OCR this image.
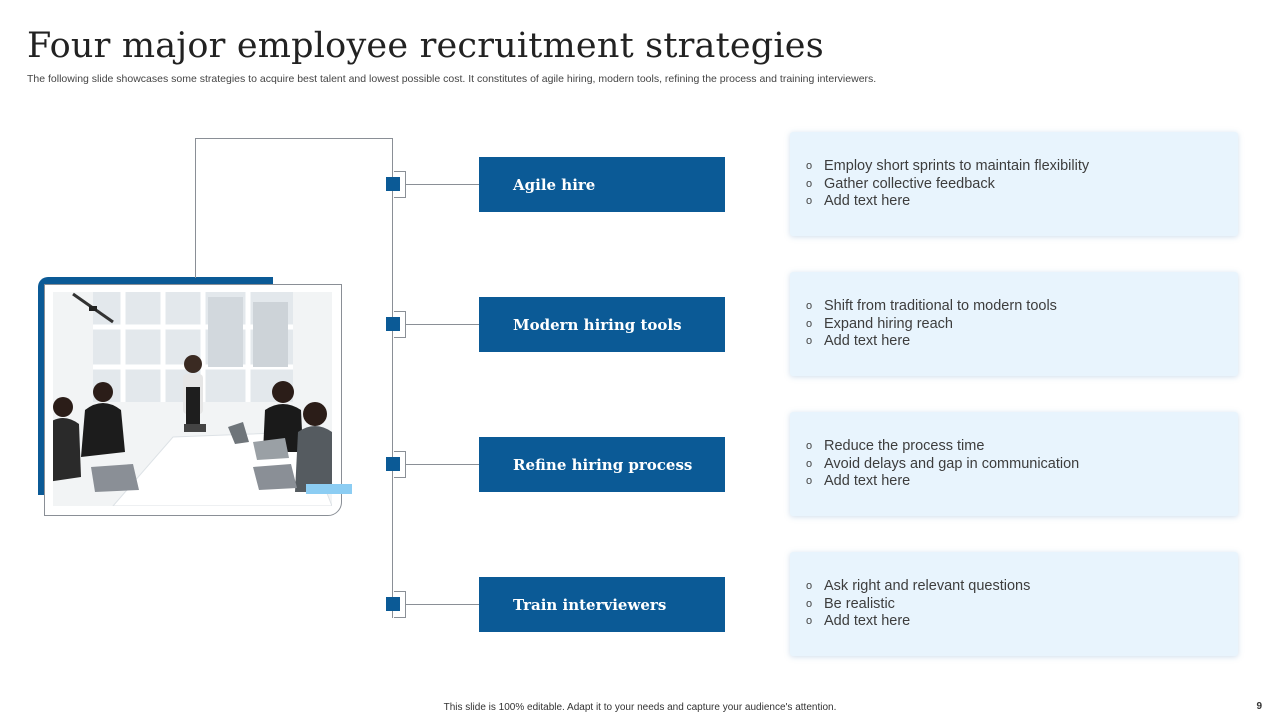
Four major employee recruitment strategies

The following slide showcases some strategies to acquire best talent and lowest possible cost. It constitutes of agile hiring, modern tools, refining the process and training interviewers.

Agile hire
Modern hiring tools
Refine hiring process
Train interviewers
o Employ short sprints to maintain flexibility
o Gather collective feedback
o Add text here
o Shift from traditional to modern tools
o Expand hiring reach
o Add text here
o Reduce the process time
o Avoid delays and gap in communication
o Add text here
o Ask right and relevant questions
o Be realistic
o Add text here
This slide is 100% editable. Adapt it to your needs and capture your audience's attention.	9
